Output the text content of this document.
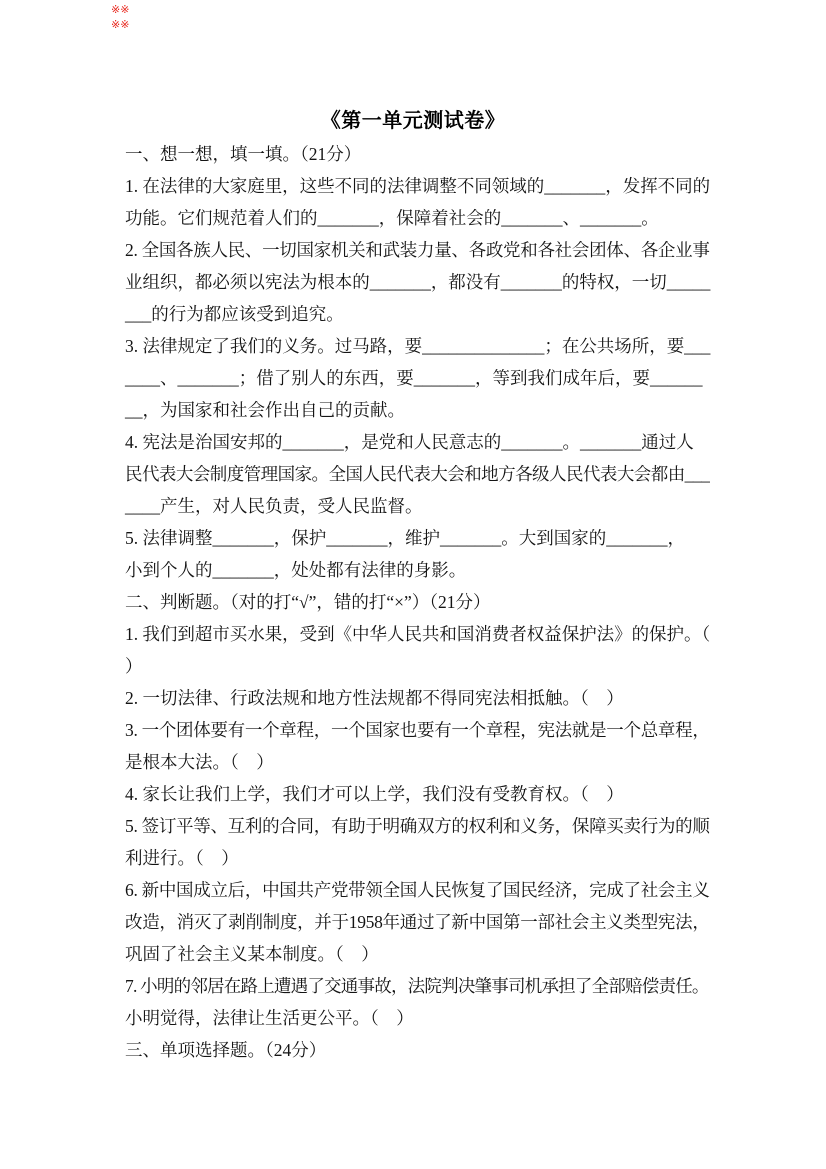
※※
※※
《第一单元测试卷》
一、想一想，填一填。（21分）
1. 在法律的大家庭里，这些不同的法律调整不同领域的_______，发挥不同的
功能。它们规范着人们的_______，保障着社会的_______、_______。
2. 全国各族人民、一切国家机关和武装力量、各政党和各社会团体、各企业事
业组织，都必须以宪法为根本的_______，都没有_______的特权，一切_____
___的行为都应该受到追究。
3. 法律规定了我们的义务。过马路，要______________；在公共场所，要___
____、_______；借了别人的东西，要_______，等到我们成年后，要______
__，为国家和社会作出自己的贡献。
4. 宪法是治国安邦的_______，是党和人民意志的_______。_______通过人
民代表大会制度管理国家。全国人民代表大会和地方各级人民代表大会都由___
____产生，对人民负责，受人民监督。
5. 法律调整_______，保护_______，维护_______。大到国家的_______，
小到个人的_______，处处都有法律的身影。
二、判断题。（对的打“√”，错的打“×”）（21分）
1. 我们到超市买水果，受到《中华人民共和国消费者权益保护法》的保护。（
）
2. 一切法律、行政法规和地方性法规都不得同宪法相抵触。（　）
3. 一个团体要有一个章程，一个国家也要有一个章程，宪法就是一个总章程，
是根本大法。（　）
4. 家长让我们上学，我们才可以上学，我们没有受教育权。（　）
5. 签订平等、互利的合同，有助于明确双方的权利和义务，保障买卖行为的顺
利进行。（　）
6. 新中国成立后，中国共产党带领全国人民恢复了国民经济，完成了社会主义
改造，消灭了剥削制度，并于1958年通过了新中国第一部社会主义类型宪法，
巩固了社会主义某本制度。（　）
7. 小明的邻居在路上遭遇了交通事故，法院判决肇事司机承担了全部赔偿责任。
小明觉得，法律让生活更公平。（　）
三、单项选择题。（24分）
